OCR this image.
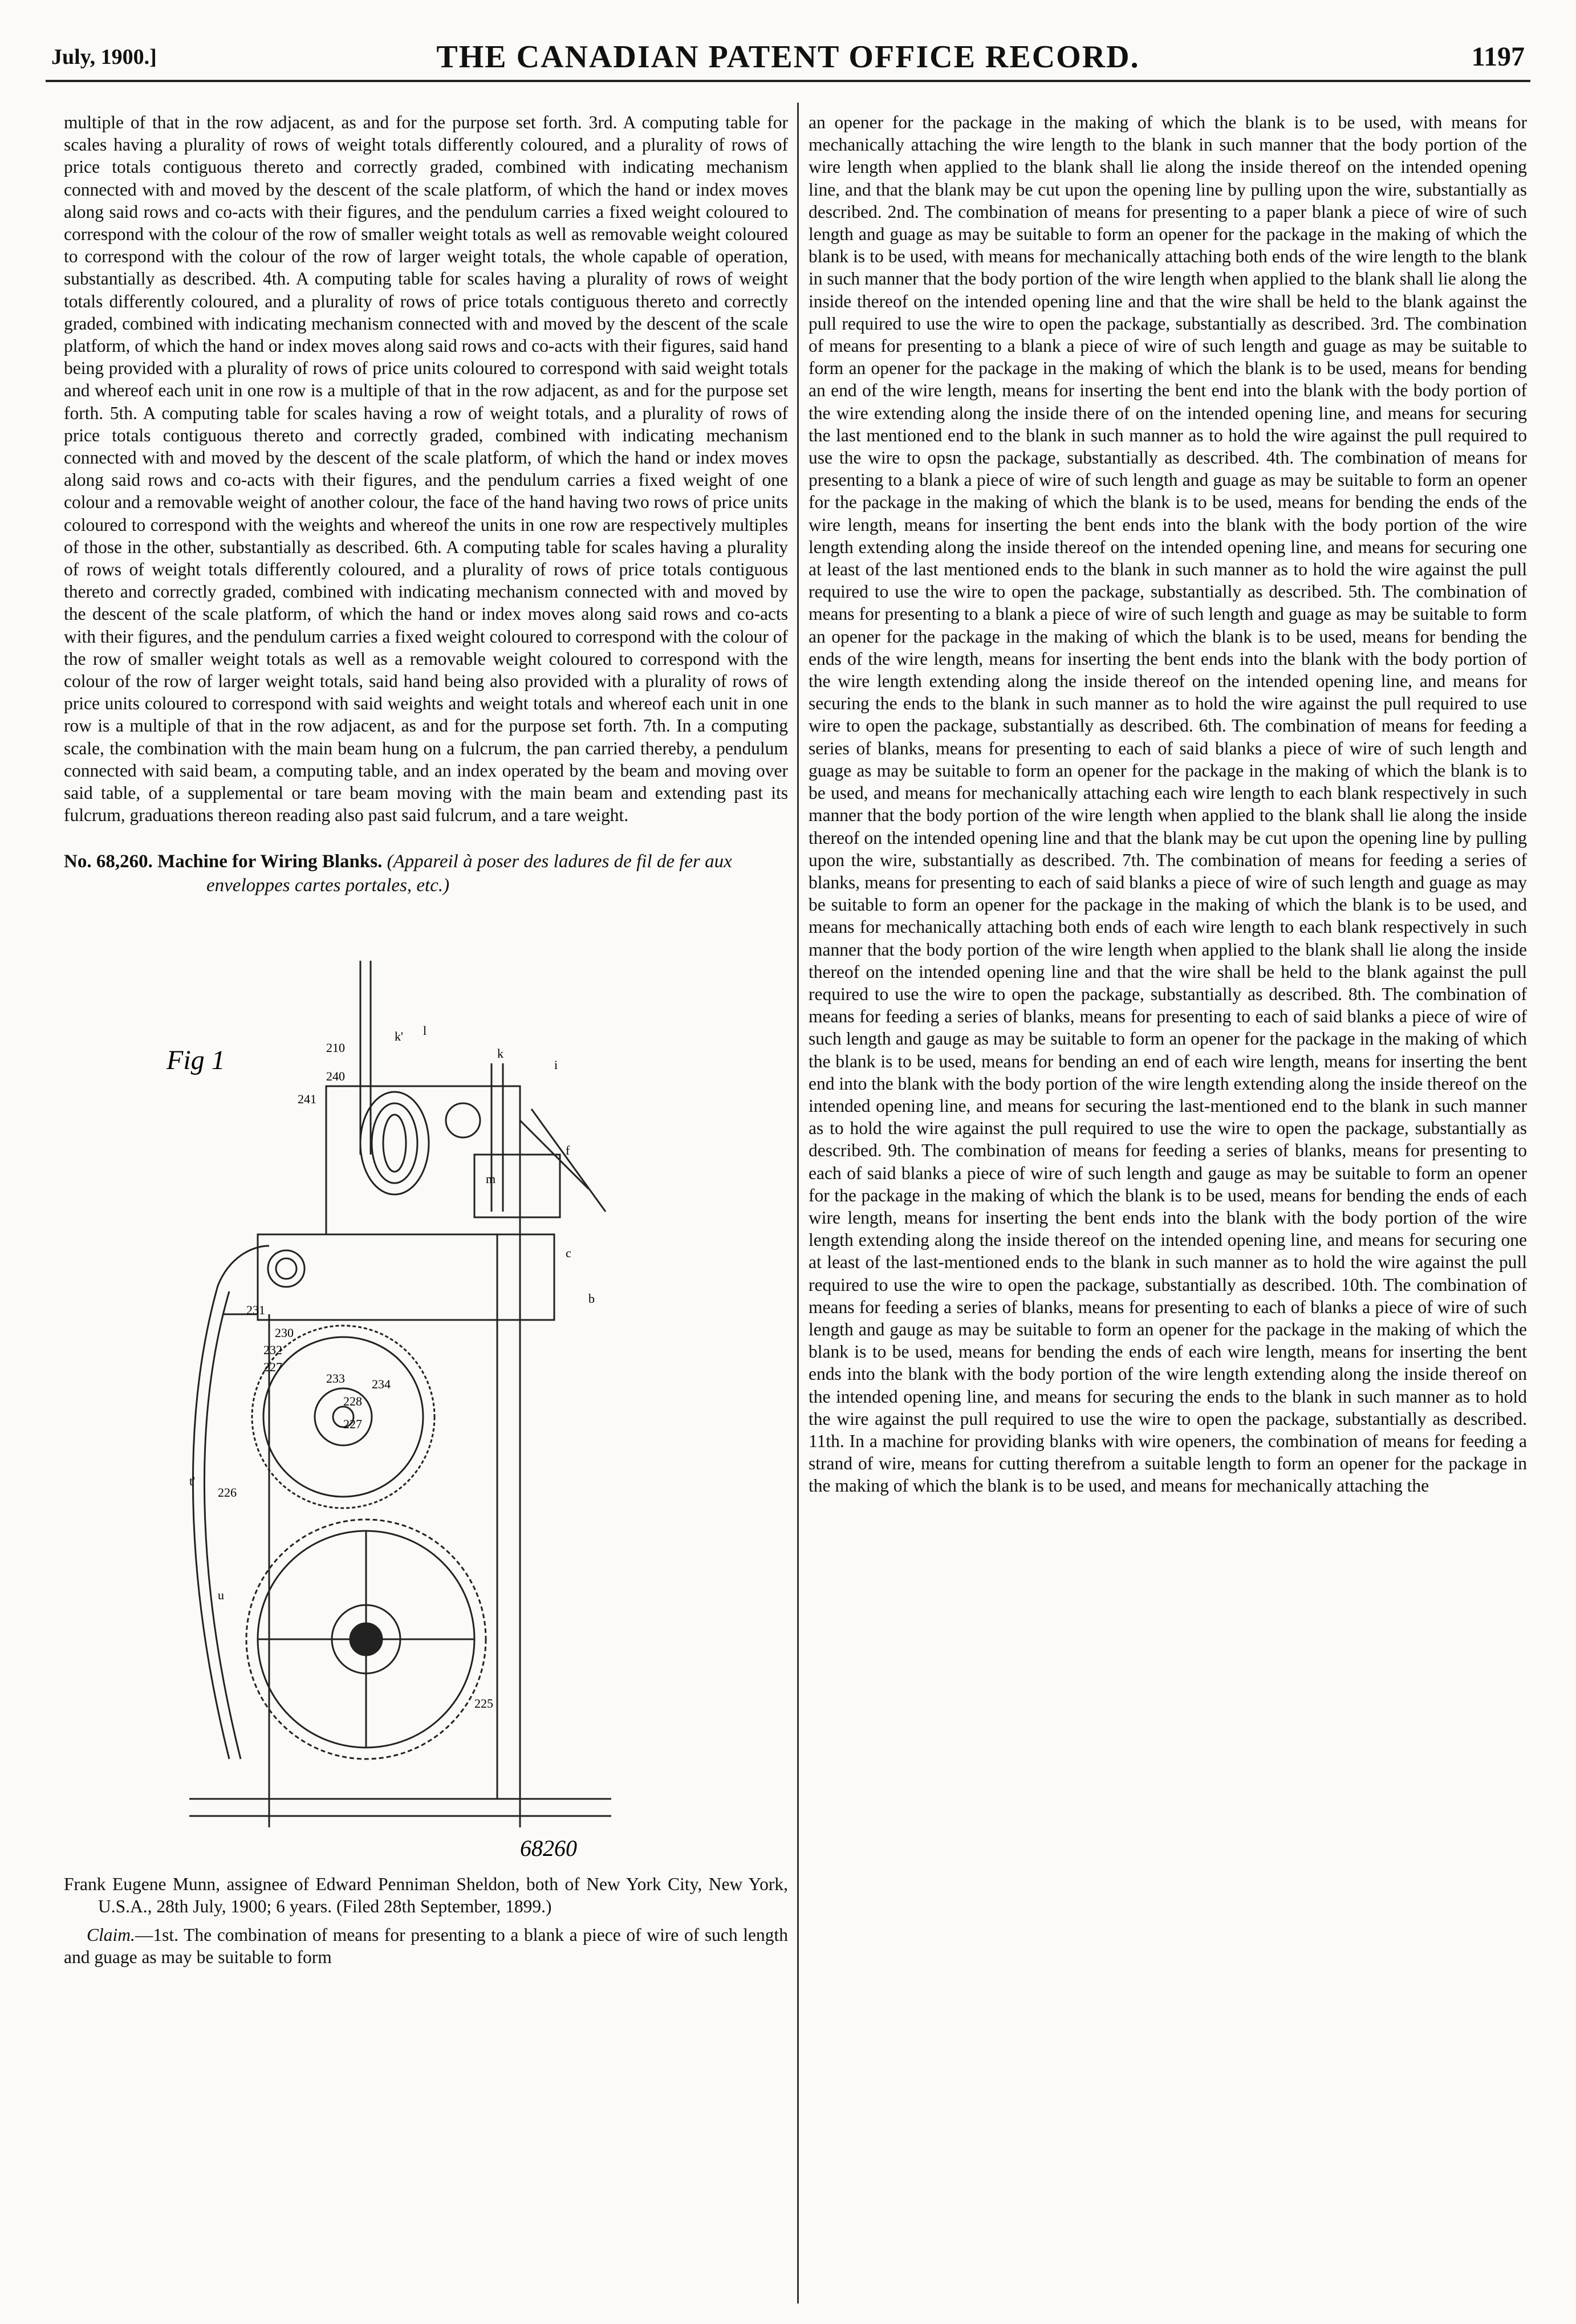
July, 1900.]	THE CANADIAN PATENT OFFICE RECORD.	1197

multiple of that in the row adjacent, as and for the purpose set forth. 3rd. A computing table for scales having a plurality of rows of weight totals differently coloured, and a plurality of rows of price totals contiguous thereto and correctly graded, combined with indicating mechanism connected with and moved by the descent of the scale platform, of which the hand or index moves along said rows and co-acts with their figures, and the pendulum carries a fixed weight coloured to correspond with the colour of the row of smaller weight totals as well as removable weight coloured to correspond with the colour of the row of larger weight totals, the whole capable of operation, substantially as described. 4th. A computing table for scales having a plurality of rows of weight totals differently coloured, and a plurality of rows of price totals contiguous thereto and correctly graded, combined with indicating mechanism connected with and moved by the descent of the scale platform, of which the hand or index moves along said rows and co-acts with their figures, said hand being provided with a plurality of rows of price units coloured to correspond with said weight totals and whereof each unit in one row is a multiple of that in the row adjacent, as and for the purpose set forth. 5th. A computing table for scales having a row of weight totals, and a plurality of rows of price totals contiguous thereto and correctly graded, combined with indicating mechanism connected with and moved by the descent of the scale platform, of which the hand or index moves along said rows and co-acts with their figures, and the pendulum carries a fixed weight of one colour and a removable weight of another colour, the face of the hand having two rows of price units coloured to correspond with the weights and whereof the units in one row are respectively multiples of those in the other, substantially as described. 6th. A computing table for scales having a plurality of rows of weight totals differently coloured, and a plurality of rows of price totals contiguous thereto and correctly graded, combined with indicating mechanism connected with and moved by the descent of the scale platform, of which the hand or index moves along said rows and co-acts with their figures, and the pendulum carries a fixed weight coloured to correspond with the colour of the row of smaller weight totals as well as a removable weight coloured to correspond with the colour of the row of larger weight totals, said hand being also provided with a plurality of rows of price units coloured to correspond with said weights and weight totals and whereof each unit in one row is a multiple of that in the row adjacent, as and for the purpose set forth. 7th. In a computing scale, the combination with the main beam hung on a fulcrum, the pan carried thereby, a pendulum connected with said beam, a computing table, and an index operated by the beam and moving over said table, of a supplemental or tare beam moving with the main beam and extending past its fulcrum, graduations thereon reading also past said fulcrum, and a tare weight.

No. 68,260. Machine for Wiring Blanks. (Appareil à poser des ladures de fil de fer aux enveloppes cartes portales, etc.)

Fig 1
68260
210
240
241
231
232
230
227
233 234
228
227
226
225
k' l
k
i
f
c
b
t'
u
m

Frank Eugene Munn, assignee of Edward Penniman Sheldon, both of New York City, New York, U.S.A., 28th July, 1900; 6 years. (Filed 28th September, 1899.)

Claim.—1st. The combination of means for presenting to a blank a piece of wire of such length and guage as may be suitable to form

an opener for the package in the making of which the blank is to be used, with means for mechanically attaching the wire length to the blank in such manner that the body portion of the wire length when applied to the blank shall lie along the inside thereof on the intended opening line, and that the blank may be cut upon the opening line by pulling upon the wire, substantially as described. 2nd. The combination of means for presenting to a paper blank a piece of wire of such length and guage as may be suitable to form an opener for the package in the making of which the blank is to be used, with means for mechanically attaching both ends of the wire length to the blank in such manner that the body portion of the wire length when applied to the blank shall lie along the inside thereof on the intended opening line and that the wire shall be held to the blank against the pull required to use the wire to open the package, substantially as described. 3rd. The combination of means for presenting to a blank a piece of wire of such length and guage as may be suitable to form an opener for the package in the making of which the blank is to be used, means for bending an end of the wire length, means for inserting the bent end into the blank with the body portion of the wire extending along the inside there of on the intended opening line, and means for securing the last mentioned end to the blank in such manner as to hold the wire against the pull required to use the wire to opsn the package, substantially as described. 4th. The combination of means for presenting to a blank a piece of wire of such length and guage as may be suitable to form an opener for the package in the making of which the blank is to be used, means for bending the ends of the wire length, means for inserting the bent ends into the blank with the body portion of the wire length extending along the inside thereof on the intended opening line, and means for securing one at least of the last mentioned ends to the blank in such manner as to hold the wire against the pull required to use the wire to open the package, substantially as described. 5th. The combination of means for presenting to a blank a piece of wire of such length and guage as may be suitable to form an opener for the package in the making of which the blank is to be used, means for bending the ends of the wire length, means for inserting the bent ends into the blank with the body portion of the wire length extending along the inside thereof on the intended opening line, and means for securing the ends to the blank in such manner as to hold the wire against the pull required to use wire to open the package, substantially as described. 6th. The combination of means for feeding a series of blanks, means for presenting to each of said blanks a piece of wire of such length and guage as may be suitable to form an opener for the package in the making of which the blank is to be used, and means for mechanically attaching each wire length to each blank respectively in such manner that the body portion of the wire length when applied to the blank shall lie along the inside thereof on the intended opening line and that the blank may be cut upon the opening line by pulling upon the wire, substantially as described. 7th. The combination of means for feeding a series of blanks, means for presenting to each of said blanks a piece of wire of such length and guage as may be suitable to form an opener for the package in the making of which the blank is to be used, and means for mechanically attaching both ends of each wire length to each blank respectively in such manner that the body portion of the wire length when applied to the blank shall lie along the inside thereof on the intended opening line and that the wire shall be held to the blank against the pull required to use the wire to open the package, substantially as described. 8th. The combination of means for feeding a series of blanks, means for presenting to each of said blanks a piece of wire of such length and gauge as may be suitable to form an opener for the package in the making of which the blank is to be used, means for bending an end of each wire length, means for inserting the bent end into the blank with the body portion of the wire length extending along the inside thereof on the intended opening line, and means for securing the last-mentioned end to the blank in such manner as to hold the wire against the pull required to use the wire to open the package, substantially as described. 9th. The combination of means for feeding a series of blanks, means for presenting to each of said blanks a piece of wire of such length and gauge as may be suitable to form an opener for the package in the making of which the blank is to be used, means for bending the ends of each wire length, means for inserting the bent ends into the blank with the body portion of the wire length extending along the inside thereof on the intended opening line, and means for securing one at least of the last-mentioned ends to the blank in such manner as to hold the wire against the pull required to use the wire to open the package, substantially as described. 10th. The combination of means for feeding a series of blanks, means for presenting to each of blanks a piece of wire of such length and gauge as may be suitable to form an opener for the package in the making of which the blank is to be used, means for bending the ends of each wire length, means for inserting the bent ends into the blank with the body portion of the wire length extending along the inside thereof on the intended opening line, and means for securing the ends to the blank in such manner as to hold the wire against the pull required to use the wire to open the package, substantially as described. 11th. In a machine for providing blanks with wire openers, the combination of means for feeding a strand of wire, means for cutting therefrom a suitable length to form an opener for the package in the making of which the blank is to be used, and means for mechanically attaching the
